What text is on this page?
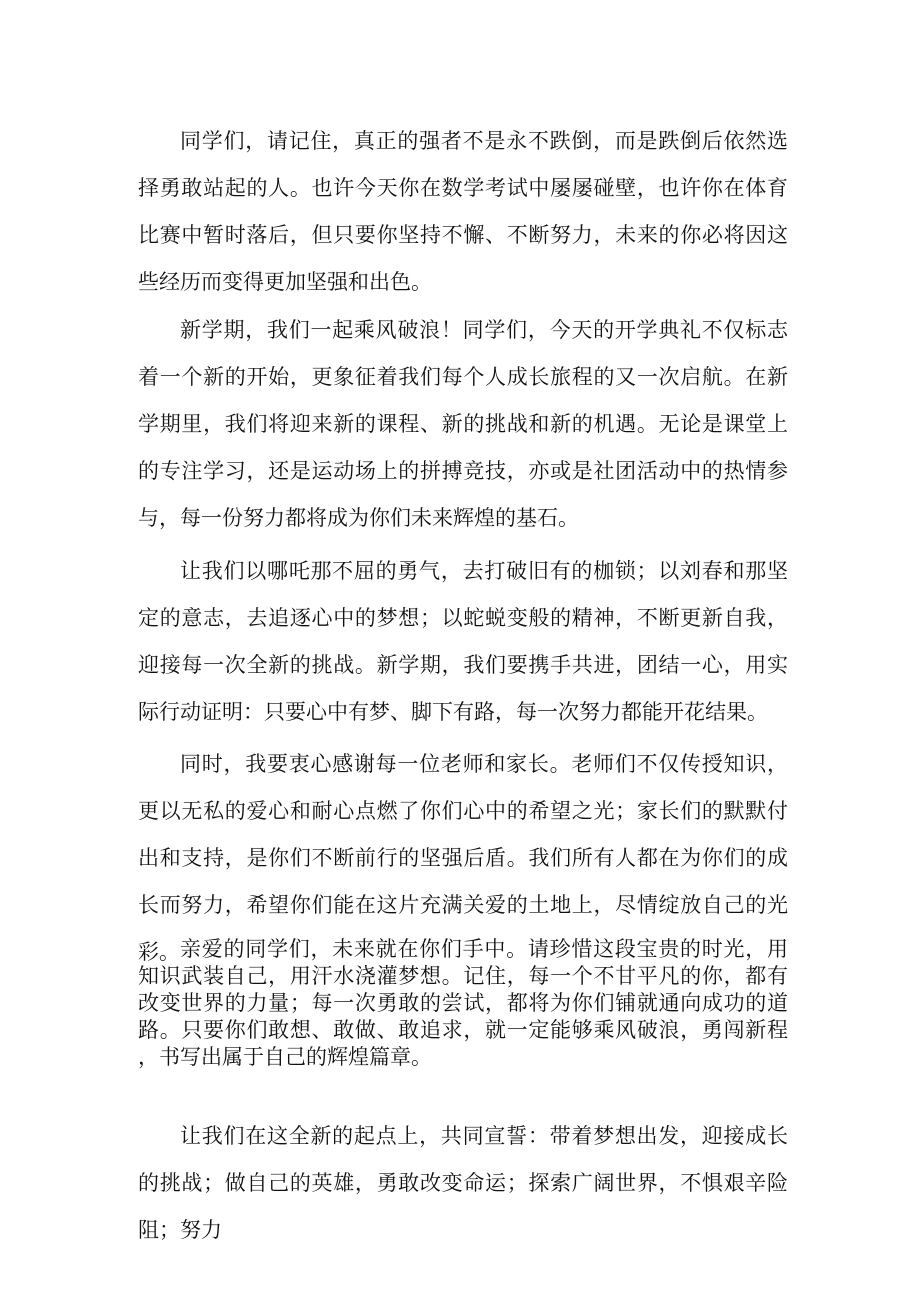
同学们，请记住，真正的强者不是永不跌倒，而是跌倒后依然选择勇敢站起的人。也许今天你在数学考试中屡屡碰壁，也许你在体育比赛中暂时落后，但只要你坚持不懈、不断努力，未来的你必将因这些经历而变得更加坚强和出色。

新学期，我们一起乘风破浪！同学们，今天的开学典礼不仅标志着一个新的开始，更象征着我们每个人成长旅程的又一次启航。在新学期里，我们将迎来新的课程、新的挑战和新的机遇。无论是课堂上的专注学习，还是运动场上的拼搏竞技，亦或是社团活动中的热情参与，每一份努力都将成为你们未来辉煌的基石。

让我们以哪吒那不屈的勇气，去打破旧有的枷锁；以刘春和那坚定的意志，去追逐心中的梦想；以蛇蜕变般的精神，不断更新自我，迎接每一次全新的挑战。新学期，我们要携手共进，团结一心，用实际行动证明：只要心中有梦、脚下有路，每一次努力都能开花结果。

同时，我要衷心感谢每一位老师和家长。老师们不仅传授知识，更以无私的爱心和耐心点燃了你们心中的希望之光；家长们的默默付出和支持，是你们不断前行的坚强后盾。我们所有人都在为你们的成长而努力，希望你们能在这片充满关爱的土地上，尽情绽放自己的光彩。 亲爱的同学们，未来就在你们手中。请珍惜这段宝贵的时光，用知识武装自己，用汗水浇灌梦想。记住，每一个不甘平凡的你，都有改变世界的力量；每一次勇敢的尝试，都将为你们铺就通向成功的道路。只要你们敢想、敢做、敢追求，就一定能够乘风破浪，勇闯新程，书写出属于自己的辉煌篇章。

让我们在这全新的起点上，共同宣誓：带着梦想出发，迎接成长的挑战；做自己的英雄，勇敢改变命运；探索广阔世界，不惧艰辛险阻；努力
